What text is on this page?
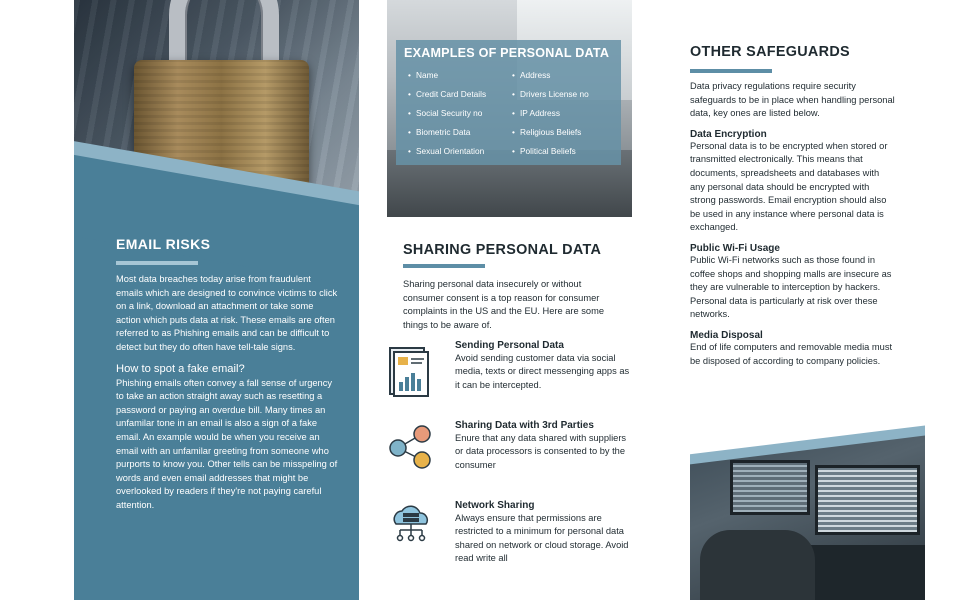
EMAIL RISKS

Most data breaches today arise from fraudulent emails which are designed to convince victims to click on a link, download an attachment or take some action which puts data at risk. These emails are often referred to as Phishing emails and can be difficult to detect but they do often have tell-tale signs.

How to spot a fake email?

Phishing emails often convey a fall sense of urgency to take an action straight away such as resetting a password or paying an overdue bill. Many times an unfamilar tone in an email is also a sign of a fake email. An example would be when you receive an email with an unfamilar greeting from someone who purports to know you. Other tells can be misspeling of words and even email addresses that might be overlooked by readers if they're not paying careful attention.

EXAMPLES OF PERSONAL DATA
• Name	• Address
• Credit Card Details	• Drivers License no
• Social Security no	• IP Address
• Biometric Data	• Religious Beliefs
• Sexual Orientation	• Political Beliefs
SHARING PERSONAL DATA

Sharing personal data insecurely or without consumer consent is a top reason for consumer complaints in the US and the EU. Here are some things to be aware of.

Sending Personal Data

Avoid sending customer data via social media, texts or direct messenging apps as it can be intercepted.

Sharing Data with 3rd Parties

Enure that any data shared with suppliers or data processors is consented to by the consumer

Network Sharing

Always ensure that permissions are restricted to a minimum for personal data shared on network or cloud storage. Avoid read write all

OTHER SAFEGUARDS

Data privacy regulations require security safeguards to be in place when handling personal data, key ones are listed below.

Data Encryption

Personal data is to be encrypted when stored or transmitted electronically. This means that documents, spreadsheets and databases with any personal data should be encrypted with strong passwords. Email encryption should also be used in any instance where personal data is exchanged.

Public Wi-Fi Usage

Public Wi-Fi networks such as those found in coffee shops and shopping malls are insecure as they are vulnerable to interception by hackers. Personal data is particularly at risk over these networks.

Media Disposal

End of life computers and removable media must be disposed of according to company policies.
